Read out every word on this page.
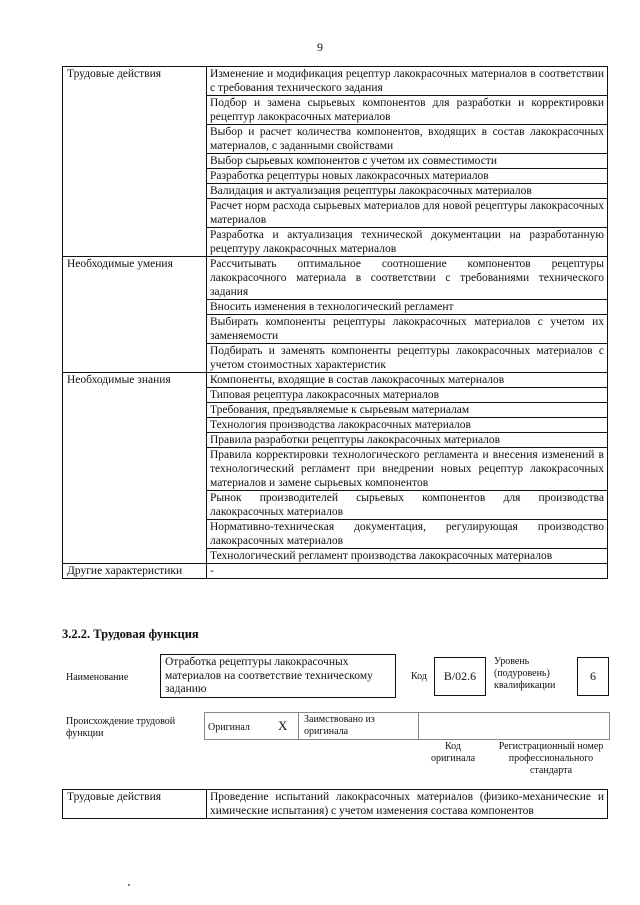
9
Трудовые действия	Изменение и модификация рецептур лакокрасочных материалов в соответствии с требования технического задания
	Подбор и замена сырьевых компонентов для разработки и корректировки рецептур лакокрасочных материалов
	Выбор и расчет количества компонентов, входящих в состав лакокрасочных материалов, с заданными свойствами
	Выбор сырьевых компонентов с учетом их совместимости
	Разработка рецептуры новых лакокрасочных материалов
	Валидация и актуализация рецептуры лакокрасочных материалов
	Расчет норм расхода сырьевых материалов для новой рецептуры лакокрасочных материалов
	Разработка и актуализация технической документации на разработанную рецептуру лакокрасочных материалов
Необходимые умения	Рассчитывать оптимальное соотношение компонентов рецептуры лакокрасочного материала в соответствии с требованиями технического задания
	Вносить изменения в технологический регламент
	Выбирать компоненты рецептуры лакокрасочных материалов с учетом их заменяемости
	Подбирать и заменять компоненты рецептуры лакокрасочных материалов с учетом стоимостных характеристик
Необходимые знания	Компоненты, входящие в состав лакокрасочных материалов
	Типовая рецептура лакокрасочных материалов
	Требования, предъявляемые к сырьевым материалам
	Технология производства лакокрасочных материалов
	Правила разработки рецептуры лакокрасочных материалов
	Правила корректировки технологического регламента и внесения изменений в технологический регламент при внедрении новых рецептур лакокрасочных материалов и замене сырьевых компонентов
	Рынок производителей сырьевых компонентов для производства лакокрасочных материалов
	Нормативно-техническая документация, регулирующая производство лакокрасочных материалов
	Технологический регламент производства лакокрасочных материалов
Другие характеристики	-
3.2.2. Трудовая функция
Наименование
Отработка рецептуры лакокрасочных материалов на соответствие техническому заданию
Код	B/02.6
Уровень (подуровень) квалификации
6
Происхождение трудовой функции
Оригинал X Заимствовано из оригинала
Код оригинала
Регистрационный номер профессионального стандарта
Трудовые действия	Проведение испытаний лакокрасочных материалов (физико-механические и химические испытания) с учетом изменения состава компонентов
